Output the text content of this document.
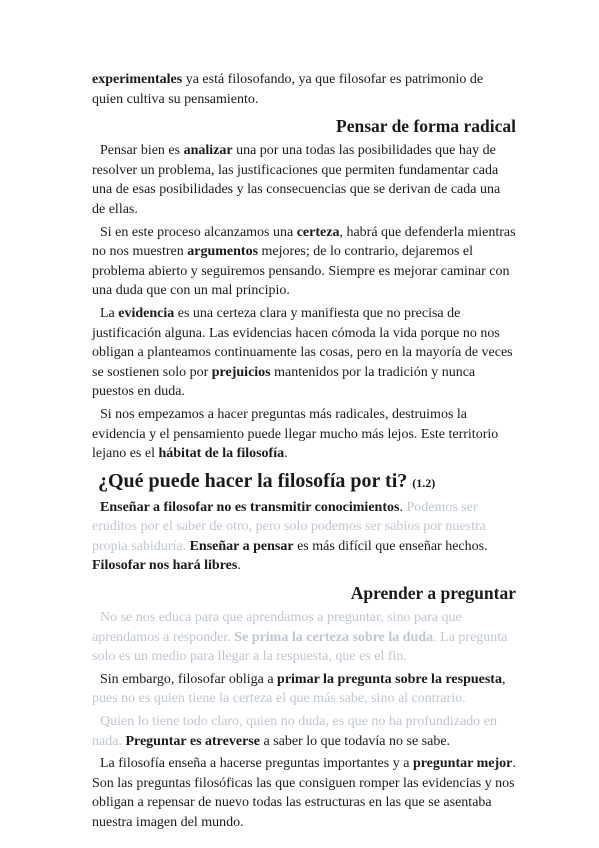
experimentales ya está filosofando, ya que filosofar es patrimonio de quien cultiva su pensamiento.

Pensar de forma radical

Pensar bien es analizar una por una todas las posibilidades que hay de resolver un problema, las justificaciones que permiten fundamentar cada una de esas posibilidades y las consecuencias que se derivan de cada una de ellas.

Si en este proceso alcanzamos una certeza, habrá que defenderla mientras no nos muestren argumentos mejores; de lo contrario, dejaremos el problema abierto y seguiremos pensando. Siempre es mejorar caminar con una duda que con un mal principio.

La evidencia es una certeza clara y manifiesta que no precisa de justificación alguna. Las evidencias hacen cómoda la vida porque no nos obligan a planteamos continuamente las cosas, pero en la mayoría de veces se sostienen solo por prejuicios mantenidos por la tradición y nunca puestos en duda.

Si nos empezamos a hacer preguntas más radicales, destruimos la evidencia y el pensamiento puede llegar mucho más lejos. Este territorio lejano es el hábitat de la filosofía.

¿Qué puede hacer la filosofía por ti? (1.2)

Enseñar a filosofar no es transmitir conocimientos. Podemos ser eruditos por el saber de otro, pero solo podemos ser sabios por nuestra propia sabiduría. Enseñar a pensar es más difícil que enseñar hechos. Filosofar nos hará libres.

Aprender a preguntar

No se nos educa para que aprendamos a preguntar, sino para que aprendamos a responder. Se prima la certeza sobre la duda. La pregunta solo es un medio para llegar a la respuesta, que es el fin.

Sin embargo, filosofar obliga a primar la pregunta sobre la respuesta, pues no es quien tiene la certeza el que más sabe, sino al contrario.

Quien lo tiene todo claro, quien no duda, es que no ha profundizado en nada. Preguntar es atreverse a saber lo que todavía no se sabe.

La filosofía enseña a hacerse preguntas importantes y a preguntar mejor. Son las preguntas filosóficas las que consiguen romper las evidencias y nos obligan a repensar de nuevo todas las estructuras en las que se asentaba nuestra imagen del mundo.
